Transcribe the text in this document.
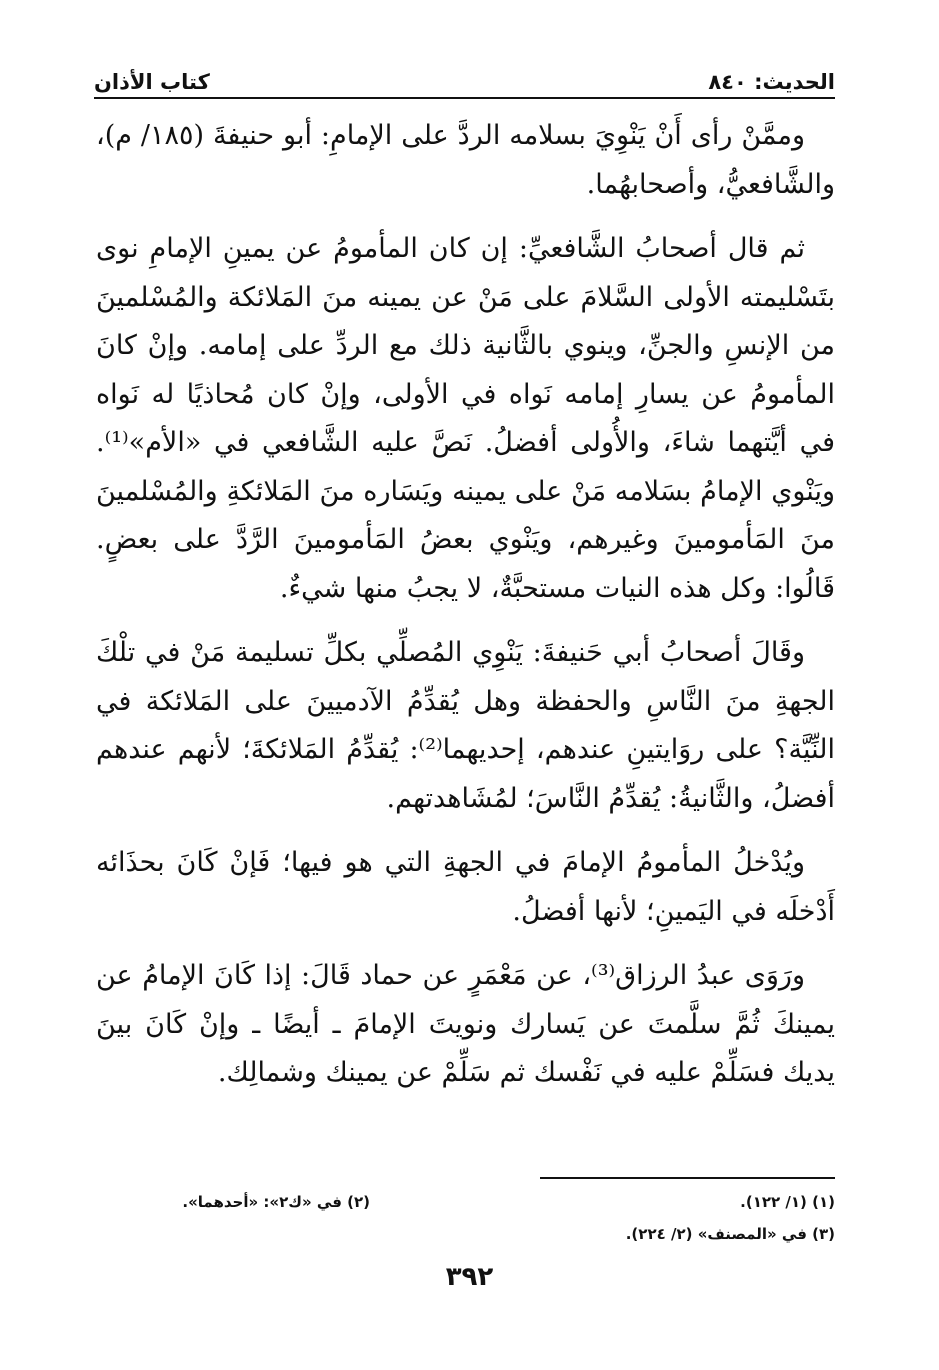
الحديث: ٨٤٠
كتاب الأذان

وممَّنْ رأى أَنْ يَنْوِيَ بسلامه الردَّ على الإمامِ: أبو حنيفةَ (١٨٥/ م)، والشَّافعيُّ، وأصحابهُما.

ثم قال أصحابُ الشَّافعيِّ: إن كان المأمومُ عن يمينِ الإمامِ نوى بتَسْليمته الأولى السَّلامَ على مَنْ عن يمينه منَ المَلائكة والمُسْلمينَ من الإنسِ والجنِّ، وينوي بالثَّانية ذلك مع الردِّ على إمامه. وإنْ كانَ المأمومُ عن يسارِ إمامه نَواه في الأولى، وإنْ كان مُحاذيًا له نَواه في أيَّتهما شاءَ، والأُولى أفضلُ. نَصَّ عليه الشَّافعي في «الأم»⁽¹⁾. ويَنْوي الإمامُ بسَلامه مَنْ على يمينه ويَسَاره منَ المَلائكةِ والمُسْلمينَ منَ المَأمومينَ وغيرهم، ويَنْوي بعضُ المَأمومينَ الرَّدَّ على بعضٍ. قَالُوا: وكل هذه النيات مستحبَّةٌ، لا يجبُ منها شيءٌ.

وقَالَ أصحابُ أبي حَنيفةَ: يَنْوِي المُصلِّي بكلِّ تسليمة مَنْ في تلْكَ الجهةِ منَ النَّاسِ والحفظة وهل يُقدِّمُ الآدميينَ على المَلائكة في النِّيَّة؟ على روَايتينِ عندهم، إحديهما⁽²⁾: يُقدِّمُ المَلائكةَ؛ لأنهم عندهم أفضلُ، والثَّانيةُ: يُقدِّمُ النَّاسَ؛ لمُشَاهدتهم.

ويُدْخلُ المأمومُ الإمامَ في الجهةِ التي هو فيها؛ فَإنْ كَانَ بحذَائه أَدْخلَه في اليَمينِ؛ لأنها أفضلُ.

ورَوَى عبدُ الرزاق⁽³⁾، عن مَعْمَرٍ عن حماد قَالَ: إذا كَانَ الإمامُ عن يمينكَ ثُمَّ سلَّمتَ عن يَسارك ونويتَ الإمامَ ـ أيضًا ـ وإنْ كَانَ بينَ يديك فسَلِّمْ عليه في نَفْسك ثم سَلِّمْ عن يمينك وشمالِك.

(١) (١/ ١٢٢).
(٣) في «المصنف» (٢/ ٢٢٤).
(٢) في «ك٢»: «أحدهما».
٣٩٢
